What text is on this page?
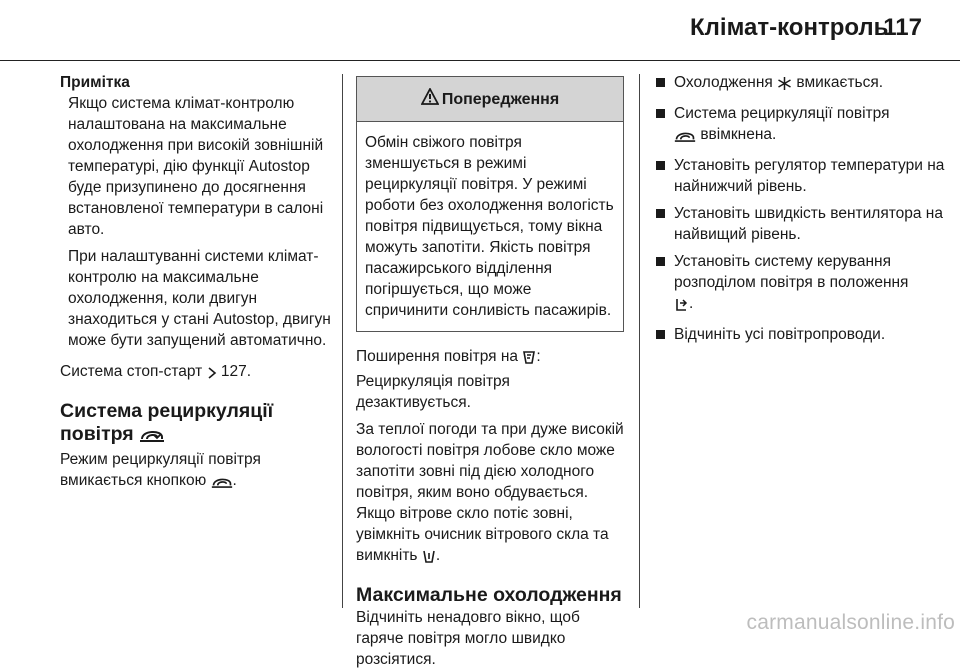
Клімат-контроль
117

Примітка

Якщо система клімат-контролю налаштована на максимальне охолодження при високій зовнішній температурі, дію функції Autostop буде призупинено до досягнення встановленої температури в салоні авто.

При налаштуванні системи клімат-контролю на максимальне охолодження, коли двигун знаходиться у стані Autostop, двигун може бути запущений автоматично.

Система стоп-старт 127.

Система рециркуляції
повітря

Режим рециркуляції повітря вмикається кнопкою .

Попередження
Обмін свіжого повітря зменшується в режимі рециркуляції повітря. У режимі роботи без охолодження вологість повітря підвищується, тому вікна можуть запотіти. Якість повітря пасажирського відділення погіршується, що може спричинити сонливість пасажирів.

Поширення повітря на :
Рециркуляція повітря дезактивується.

За теплої погоди та при дуже високій вологості повітря лобове скло може запотіти зовні під дією холодного повітря, яким воно обдувається. Якщо вітрове скло потіє зовні, увімкніть очисник вітрового скла та вимкніть .

Максимальне охолодження

Відчиніть ненадовго вікно, щоб гаряче повітря могло швидко розсіятися.

Охолодження вмикається.
Система рециркуляції повітря
ввімкнена.
Установіть регулятор температури на найнижчий рівень.
Установіть швидкість вентилятора на найвищий рівень.
Установіть систему керування розподілом повітря в положення
.
Відчиніть усі повітропроводи.
carmanualsonline.info
